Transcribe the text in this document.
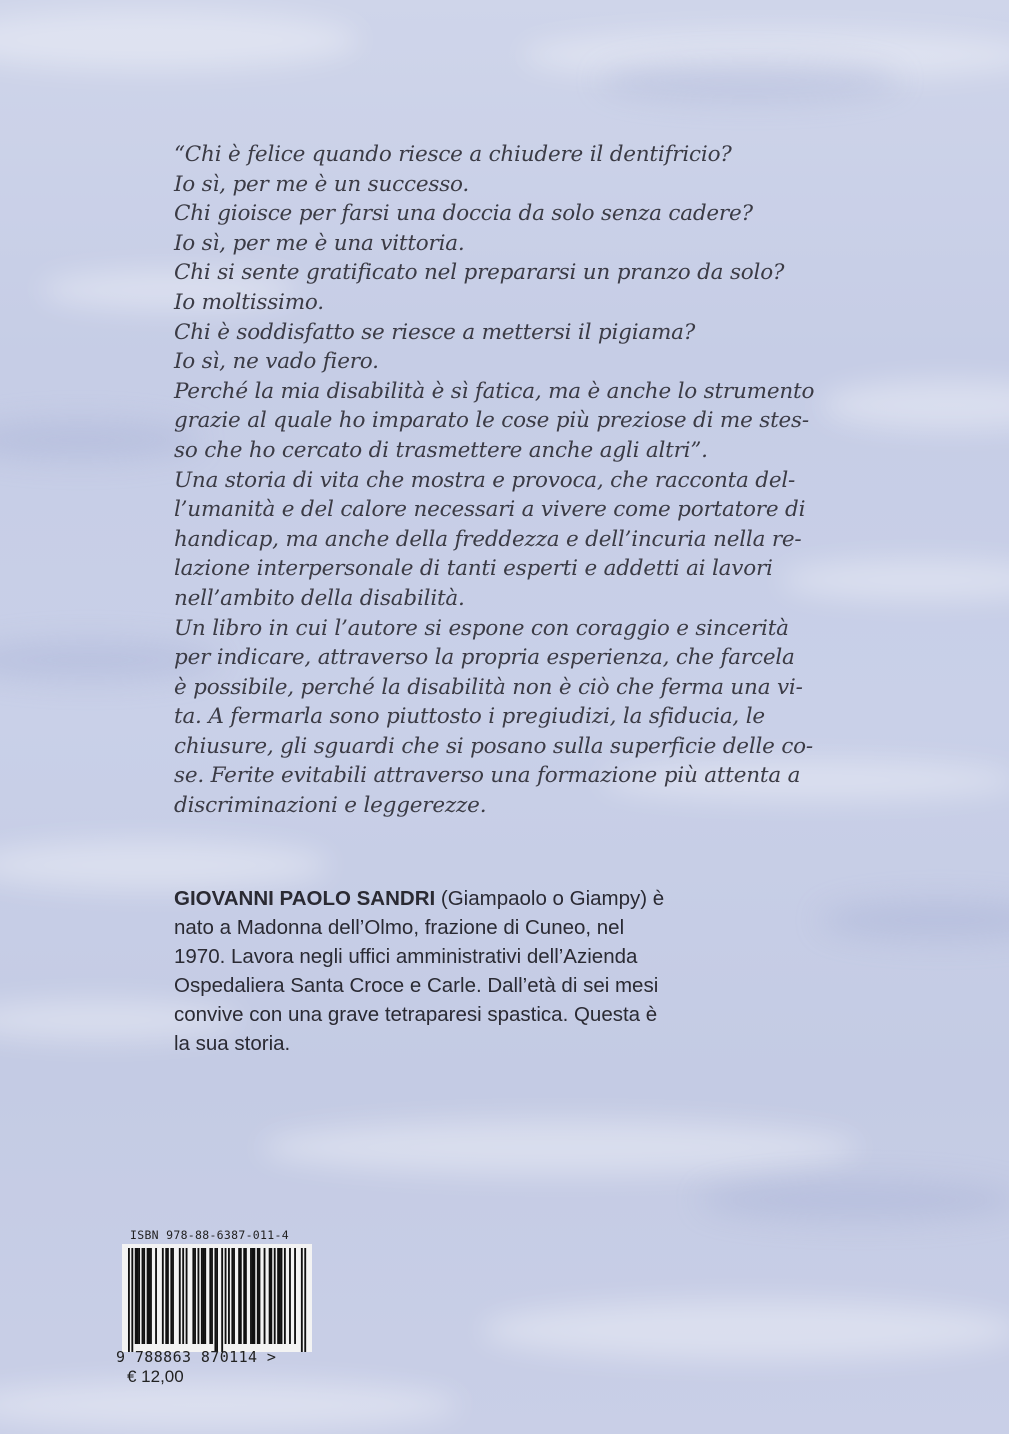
“Chi è felice quando riesce a chiudere il dentifricio?
Io sì, per me è un successo.
Chi gioisce per farsi una doccia da solo senza cadere?
Io sì, per me è una vittoria.
Chi si sente gratificato nel prepararsi un pranzo da solo?
Io moltissimo.
Chi è soddisfatto se riesce a mettersi il pigiama?
Io sì, ne vado fiero.
Perché la mia disabilità è sì fatica, ma è anche lo strumento
grazie al quale ho imparato le cose più preziose di me stes-
so che ho cercato di trasmettere anche agli altri”.
Una storia di vita che mostra e provoca, che racconta del-
l’umanità e del calore necessari a vivere come portatore di
handicap, ma anche della freddezza e dell’incuria nella re-
lazione interpersonale di tanti esperti e addetti ai lavori
nell’ambito della disabilità.
Un libro in cui l’autore si espone con coraggio e sincerità
per indicare, attraverso la propria esperienza, che farcela
è possibile, perché la disabilità non è ciò che ferma una vi-
ta. A fermarla sono piuttosto i pregiudizi, la sfiducia, le
chiusure, gli sguardi che si posano sulla superficie delle co-
se. Ferite evitabili attraverso una formazione più attenta a
discriminazioni e leggerezze.
GIOVANNI PAOLO SANDRI (Giampaolo o Giampy) è
nato a Madonna dell’Olmo, frazione di Cuneo, nel
1970. Lavora negli uffici amministrativi dell’Azienda
Ospedaliera Santa Croce e Carle. Dall’età di sei mesi
convive con una grave tetraparesi spastica. Questa è
la sua storia.
ISBN 978-88-6387-011-4
9 788863 870114 >
€ 12,00
